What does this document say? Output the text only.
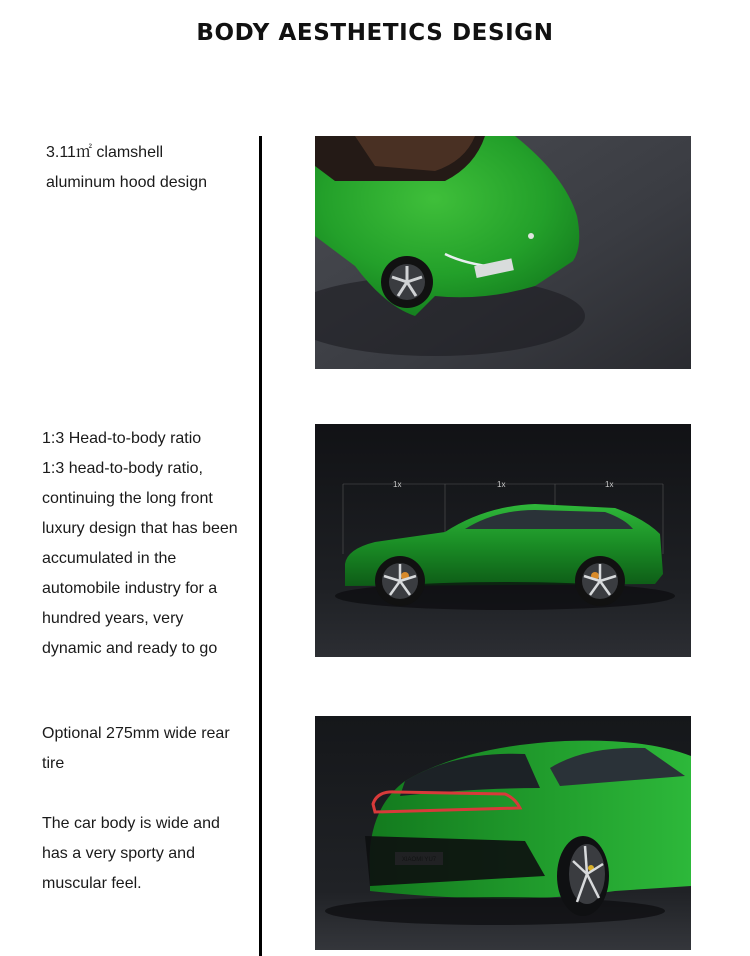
BODY AESTHETICS DESIGN

3.11㎡ clamshell

aluminum hood design

1:3 Head-to-body ratio

1:3 head-to-body ratio,

continuing the long front

luxury design that has been

accumulated in the

automobile industry for a

hundred years, very

dynamic and ready to go

Optional 275mm wide rear

tire

The car body is wide and

has a very sporty and

muscular feel.

1x	1x	1x
